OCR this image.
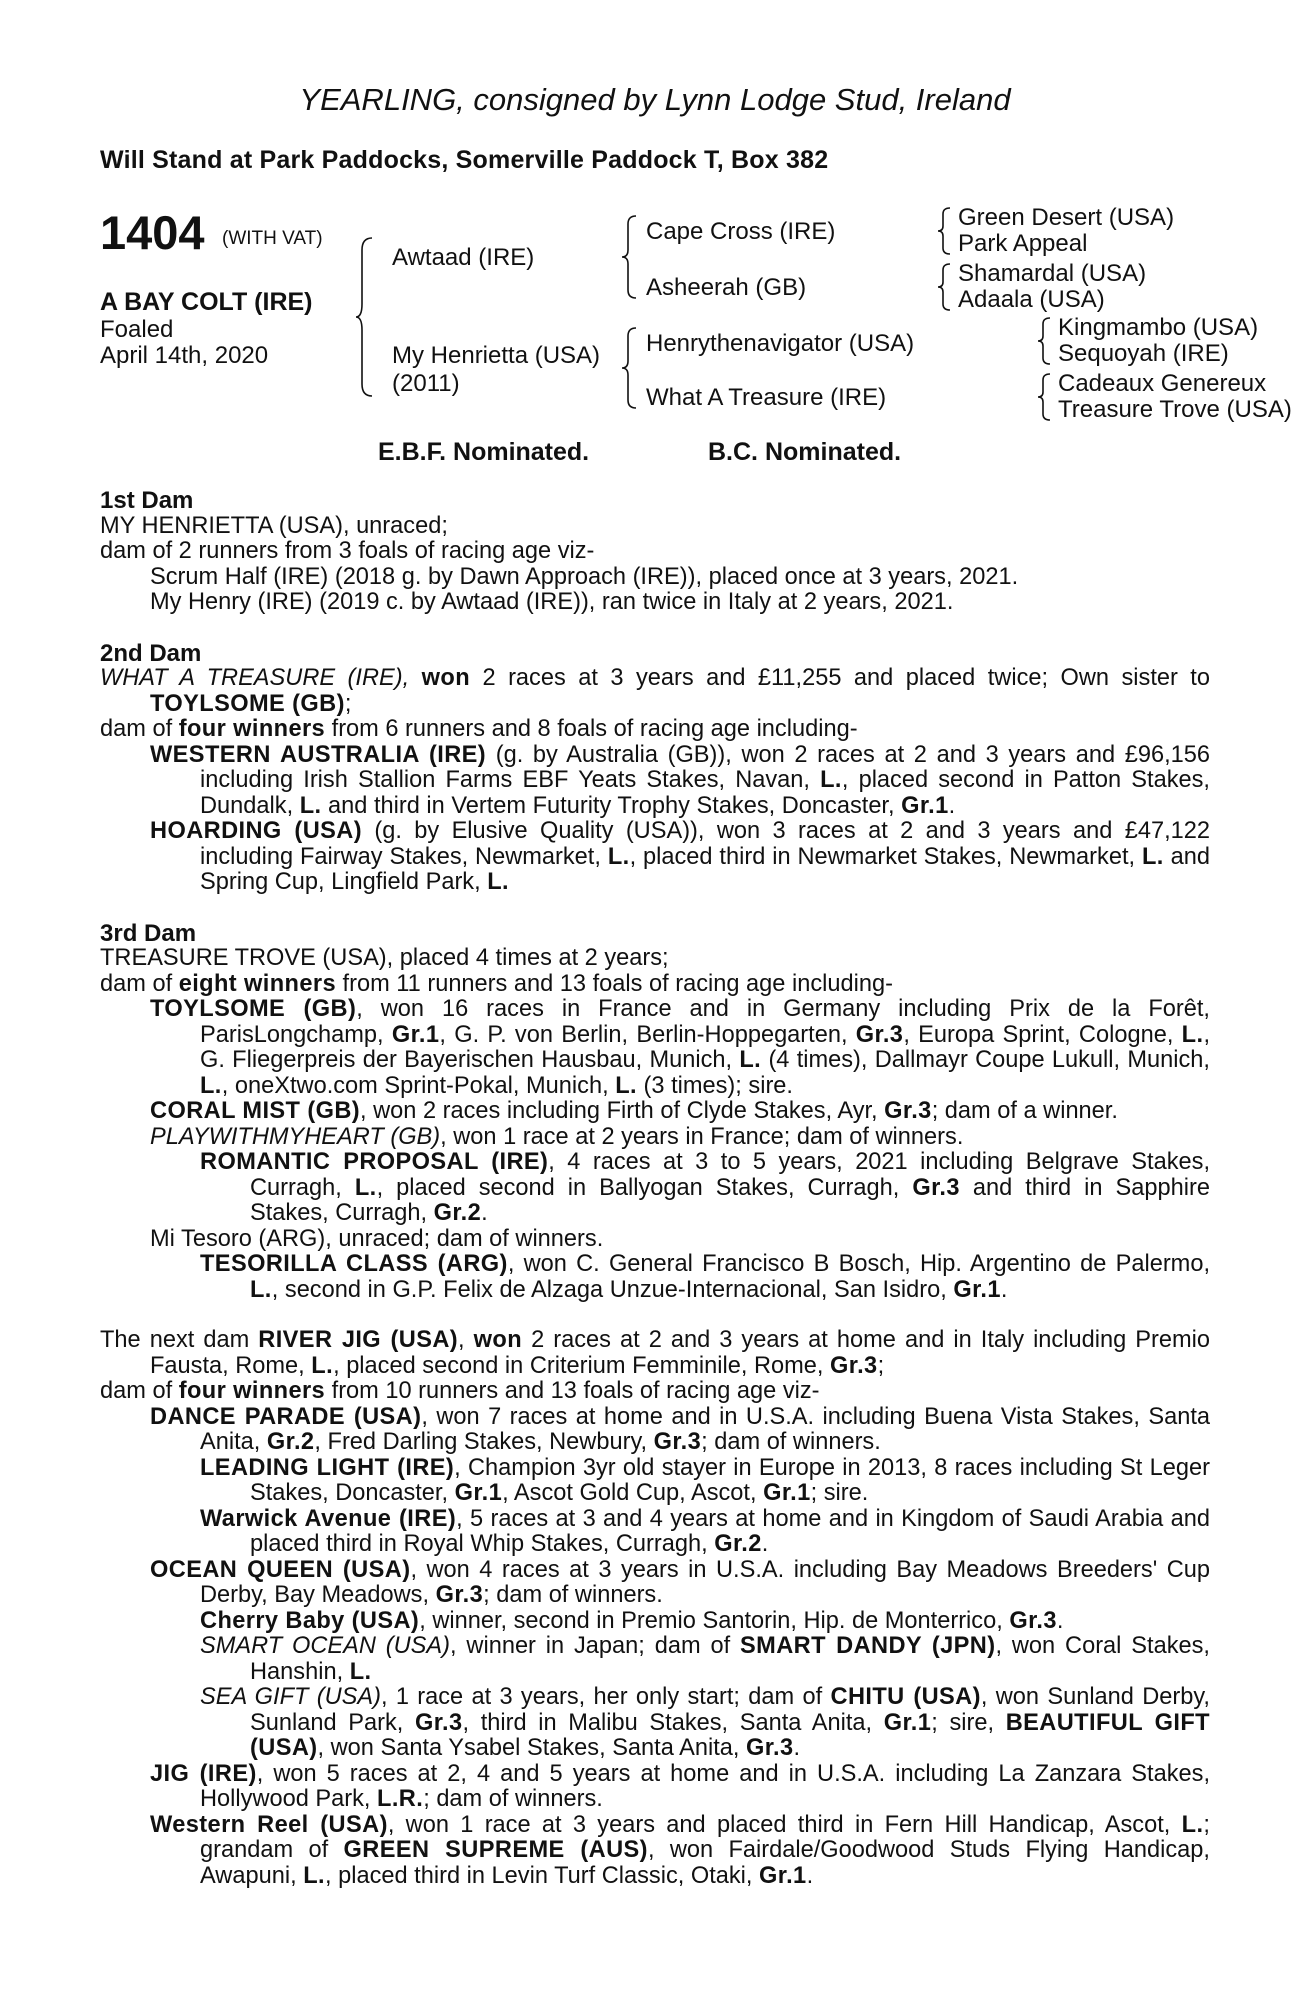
YEARLING, consigned by Lynn Lodge Stud, Ireland
Will Stand at Park Paddocks, Somerville Paddock T, Box 382
1404 (WITH VAT)
A BAY COLT (IRE)
Foaled
April 14th, 2020
Awtaad (IRE)
My Henrietta (USA)
(2011)
Cape Cross (IRE)
Asheerah (GB)
Henrythenavigator (USA)
What A Treasure (IRE)
Green Desert (USA)
Park Appeal
Shamardal (USA)
Adaala (USA)
Kingmambo (USA)
Sequoyah (IRE)
Cadeaux Genereux
Treasure Trove (USA)
E.B.F. Nominated.	B.C. Nominated.

1st Dam

MY HENRIETTA (USA), unraced;

dam of 2 runners from 3 foals of racing age viz-

Scrum Half (IRE) (2018 g. by Dawn Approach (IRE)), placed once at 3 years, 2021.

My Henry (IRE) (2019 c. by Awtaad (IRE)), ran twice in Italy at 2 years, 2021.

2nd Dam

WHAT A TREASURE (IRE), won 2 races at 3 years and £11,255 and placed twice; Own sister to TOYLSOME (GB);

dam of four winners from 6 runners and 8 foals of racing age including-

WESTERN AUSTRALIA (IRE) (g. by Australia (GB)), won 2 races at 2 and 3 years and £96,156 including Irish Stallion Farms EBF Yeats Stakes, Navan, L., placed second in Patton Stakes, Dundalk, L. and third in Vertem Futurity Trophy Stakes, Doncaster, Gr.1.

HOARDING (USA) (g. by Elusive Quality (USA)), won 3 races at 2 and 3 years and £47,122 including Fairway Stakes, Newmarket, L., placed third in Newmarket Stakes, Newmarket, L. and Spring Cup, Lingfield Park, L.

3rd Dam

TREASURE TROVE (USA), placed 4 times at 2 years;

dam of eight winners from 11 runners and 13 foals of racing age including-

TOYLSOME (GB), won 16 races in France and in Germany including Prix de la Forêt, ParisLongchamp, Gr.1, G. P. von Berlin, Berlin-Hoppegarten, Gr.3, Europa Sprint, Cologne, L., G. Fliegerpreis der Bayerischen Hausbau, Munich, L. (4 times), Dallmayr Coupe Lukull, Munich, L., oneXtwo.com Sprint-Pokal, Munich, L. (3 times); sire.

CORAL MIST (GB), won 2 races including Firth of Clyde Stakes, Ayr, Gr.3; dam of a winner.

PLAYWITHMYHEART (GB), won 1 race at 2 years in France; dam of winners.

ROMANTIC PROPOSAL (IRE), 4 races at 3 to 5 years, 2021 including Belgrave Stakes, Curragh, L., placed second in Ballyogan Stakes, Curragh, Gr.3 and third in Sapphire Stakes, Curragh, Gr.2.

Mi Tesoro (ARG), unraced; dam of winners.

TESORILLA CLASS (ARG), won C. General Francisco B Bosch, Hip. Argentino de Palermo, L., second in G.P. Felix de Alzaga Unzue-Internacional, San Isidro, Gr.1.

The next dam RIVER JIG (USA), won 2 races at 2 and 3 years at home and in Italy including Premio Fausta, Rome, L., placed second in Criterium Femminile, Rome, Gr.3;

dam of four winners from 10 runners and 13 foals of racing age viz-

DANCE PARADE (USA), won 7 races at home and in U.S.A. including Buena Vista Stakes, Santa Anita, Gr.2, Fred Darling Stakes, Newbury, Gr.3; dam of winners.

LEADING LIGHT (IRE), Champion 3yr old stayer in Europe in 2013, 8 races including St Leger Stakes, Doncaster, Gr.1, Ascot Gold Cup, Ascot, Gr.1; sire.

Warwick Avenue (IRE), 5 races at 3 and 4 years at home and in Kingdom of Saudi Arabia and placed third in Royal Whip Stakes, Curragh, Gr.2.

OCEAN QUEEN (USA), won 4 races at 3 years in U.S.A. including Bay Meadows Breeders' Cup Derby, Bay Meadows, Gr.3; dam of winners.

Cherry Baby (USA), winner, second in Premio Santorin, Hip. de Monterrico, Gr.3.

SMART OCEAN (USA), winner in Japan; dam of SMART DANDY (JPN), won Coral Stakes, Hanshin, L.

SEA GIFT (USA), 1 race at 3 years, her only start; dam of CHITU (USA), won Sunland Derby, Sunland Park, Gr.3, third in Malibu Stakes, Santa Anita, Gr.1; sire, BEAUTIFUL GIFT (USA), won Santa Ysabel Stakes, Santa Anita, Gr.3.

JIG (IRE), won 5 races at 2, 4 and 5 years at home and in U.S.A. including La Zanzara Stakes, Hollywood Park, L.R.; dam of winners.

Western Reel (USA), won 1 race at 3 years and placed third in Fern Hill Handicap, Ascot, L.; grandam of GREEN SUPREME (AUS), won Fairdale/Goodwood Studs Flying Handicap, Awapuni, L., placed third in Levin Turf Classic, Otaki, Gr.1.
